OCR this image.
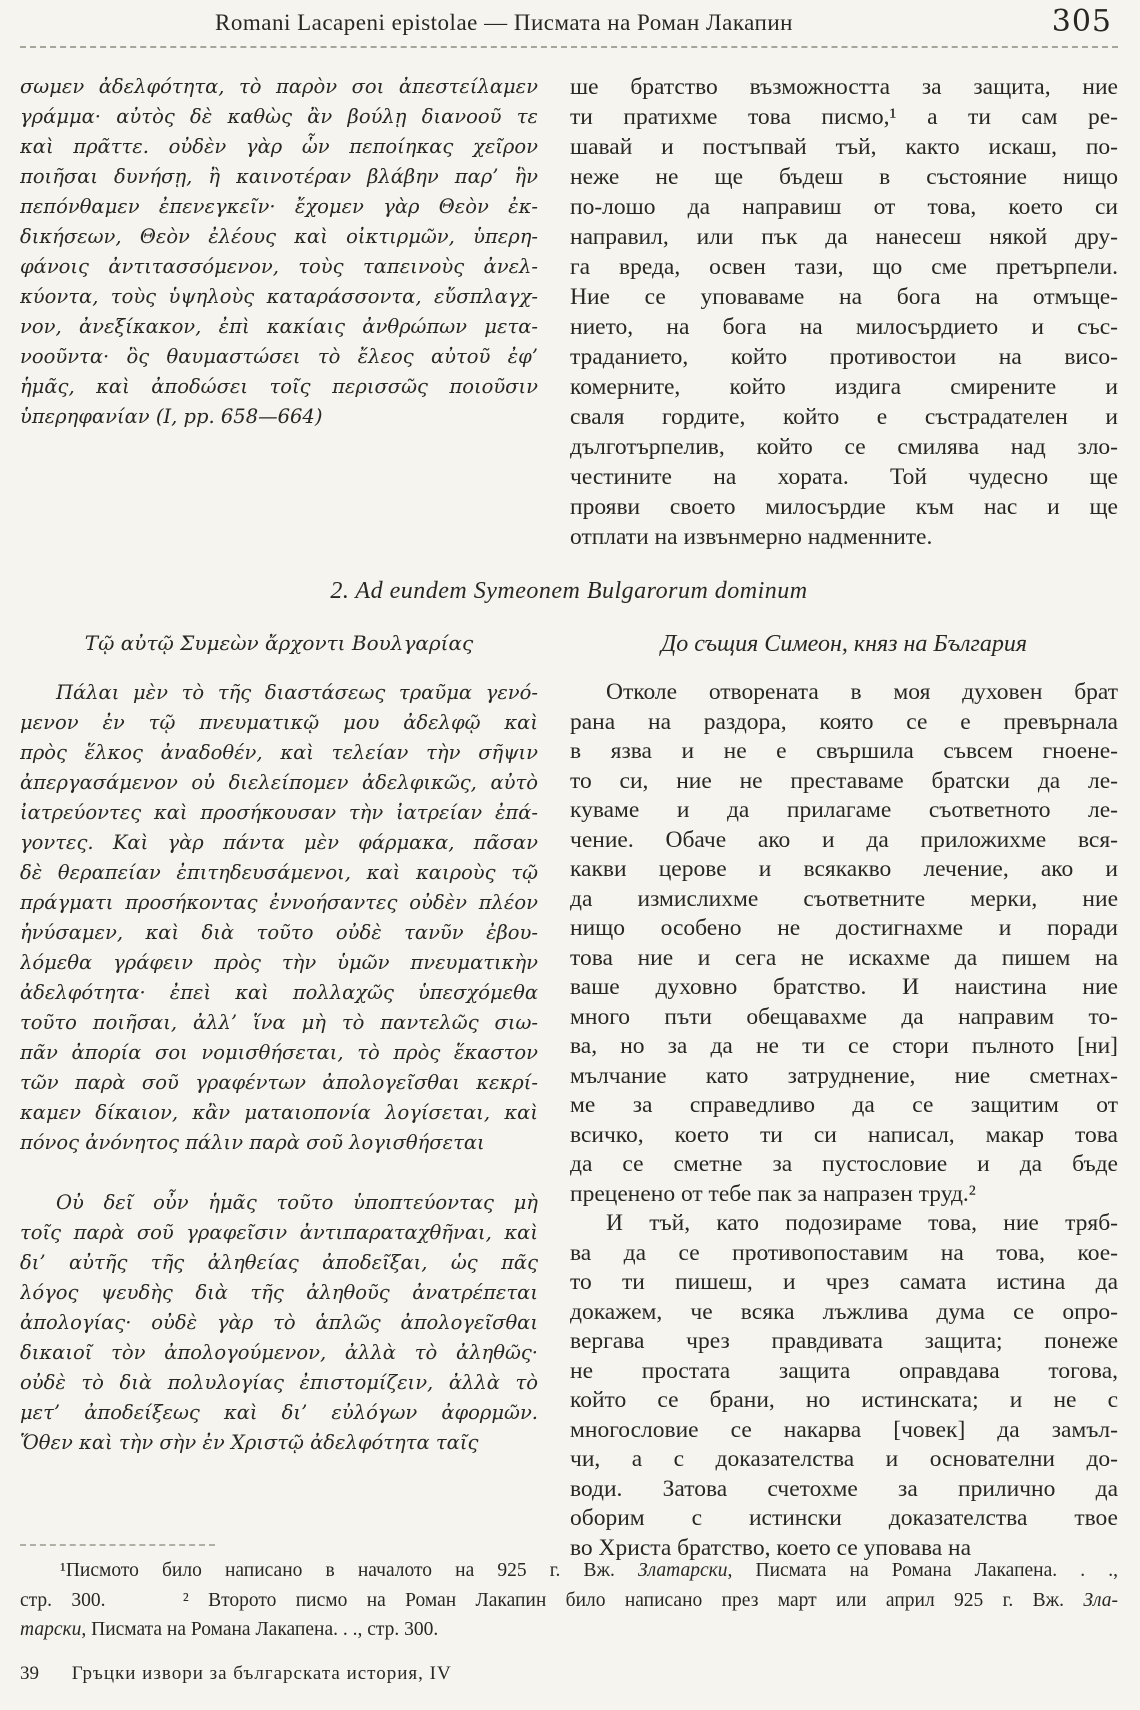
Romani Lacapeni epistolae — Писмата на Роман Лакапин	305
σωμεν ἀδελφότητα, τὸ παρὸν σοι ἀπεστείλαμεν
γράμμα· αὐτὸς δὲ καθὼς ἂν βούλῃ διανοοῦ τε
καὶ πρᾶττε. οὐδὲν γὰρ ὧν πεποίηκας χεῖρον
ποιῆσαι δυνήσῃ, ἢ καινοτέραν βλάβην παρ’ ἣν
πεπόνθαμεν ἐπενεγκεῖν· ἔχομεν γὰρ Θεὸν ἐκ-
δικήσεων, Θεὸν ἐλέους καὶ οἰκτιρμῶν, ὑπερη-
φάνοις ἀντιτασσόμενον, τοὺς ταπεινοὺς ἀνελ-
κύοντα, τοὺς ὑψηλοὺς καταράσσοντα, εὔσπλαγχ-
νον, ἀνεξίκακον, ἐπὶ κακίαις ἀνθρώπων μετα-
νοοῦντα· ὃς θαυμαστώσει τὸ ἔλεος αὐτοῦ ἐφ’
ἡμᾶς, καὶ ἀποδώσει τοῖς περισσῶς ποιοῦσιν
ὑπερηφανίαν (I, pp. 658—664)
ше братство възможността за защита, ние
ти пратихме това писмо,¹ а ти сам ре-
шавай и постъпвай тъй, както искаш, по-
неже не ще бъдеш в състояние нищо
по-лошо да направиш от това, което си
направил, или пък да нанесеш някой дру-
га вреда, освен тази, що сме претърпели.
Ние се уповаваме на бога на отмъще-
нието, на бога на милосърдието и със-
траданието, който противостои на висо-
комерните, който издига смирените и
сваля гордите, който е състрадателен и
дълготърпелив, който се смилява над зло-
честините на хората. Той чудесно ще
прояви своето милосърдие към нас и ще
отплати на извънмерно надменните.
2. Ad eundem Symeonem Bulgarorum dominum
Τῷ αὐτῷ Συμεὼν ἄρχοντι Βουλγαρίας	До същия Симеон, княз на България
Πάλαι μὲν τὸ τῆς διαστάσεως τραῦμα γενό-
μενον ἐν τῷ πνευματικῷ μου ἀδελφῷ καὶ
πρὸς ἕλκος ἀναδοθέν, καὶ τελείαν τὴν σῆψιν
ἀπεργασάμενον οὐ διελείπομεν ἀδελφικῶς, αὐτὸ
ἰατρεύοντες καὶ προσήκουσαν τὴν ἰατρείαν ἐπά-
γοντες. Καὶ γὰρ πάντα μὲν φάρμακα, πᾶσαν
δὲ θεραπείαν ἐπιτηδευσάμενοι, καὶ καιροὺς τῷ
πράγματι προσήκοντας ἐννοήσαντες οὐδὲν πλέον
ἠνύσαμεν, καὶ διὰ τοῦτο οὐδὲ τανῦν ἐβου-
λόμεθα γράφειν πρὸς τὴν ὑμῶν πνευματικὴν
ἀδελφότητα· ἐπεὶ καὶ πολλαχῶς ὑπεσχόμεθα
τοῦτο ποιῆσαι, ἀλλ’ ἵνα μὴ τὸ παντελῶς σιω-
πᾶν ἀπορία σοι νομισθήσεται, τὸ πρὸς ἕκαστον
τῶν παρὰ σοῦ γραφέντων ἀπολογεῖσθαι κεκρί-
καμεν δίκαιον, κἂν ματαιοπονία λογίσεται, καὶ
πόνος ἀνόνητος πάλιν παρὰ σοῦ λογισθήσεται
Οὐ δεῖ οὖν ἡμᾶς τοῦτο ὑποπτεύοντας μὴ
τοῖς παρὰ σοῦ γραφεῖσιν ἀντιπαραταχθῆναι, καὶ
δι’ αὐτῆς τῆς ἀληθείας ἀποδεῖξαι, ὡς πᾶς
λόγος ψευδὴς διὰ τῆς ἀληθοῦς ἀνατρέπεται
ἀπολογίας· οὐδὲ γὰρ τὸ ἁπλῶς ἀπολογεῖσθαι
δικαιοῖ τὸν ἀπολογούμενον, ἀλλὰ τὸ ἀληθῶς·
οὐδὲ τὸ διὰ πολυλογίας ἐπιστομίζειν, ἀλλὰ τὸ
μετ’ ἀποδείξεως καὶ δι’ εὐλόγων ἀφορμῶν.
Ὅθεν καὶ τὴν σὴν ἐν Χριστῷ ἀδελφότητα ταῖς
Отколе отворената в моя духовен брат
рана на раздора, която се е превърнала
в язва и не е свършила съвсем гноене-
то си, ние не преставаме братски да ле-
куваме и да прилагаме съответното ле-
чение. Обаче ако и да приложихме вся-
какви церове и всякакво лечение, ако и
да измислихме съответните мерки, ние
нищо особено не достигнахме и поради
това ние и сега не искахме да пишем на
ваше духовно братство. И наистина ние
много пъти обещавахме да направим то-
ва, но за да не ти се стори пълното [ни]
мълчание като затруднение, ние сметнах-
ме за справедливо да се защитим от
всичко, което ти си написал, макар това
да се сметне за пустословие и да бъде
преценено от тебе пак за напразен труд.²
И тъй, като подозираме това, ние тряб-
ва да се противопоставим на това, кое-
то ти пишеш, и чрез самата истина да
докажем, че всяка лъжлива дума се опро-
вергава чрез правдивата защита; понеже
не простата защита оправдава тогова,
който се брани, но истинската; и не с
многословие се накарва [човек] да замъл-
чи, а с доказателства и основателни до-
води. Затова счетохме за прилично да
оборим с истински доказателства твое
во Христа братство, което се уповава на
¹Писмото било написано в началото на 925 г. Вж. Златарски, Писмата на Романа Лакапена. . .,
стр. 300.    ² Второто писмо на Роман Лакапин било написано през март или април 925 г. Вж. Зла-
тарски, Писмата на Романа Лакапена. . ., стр. 300.
39 Гръцки извори за българската история, IV
